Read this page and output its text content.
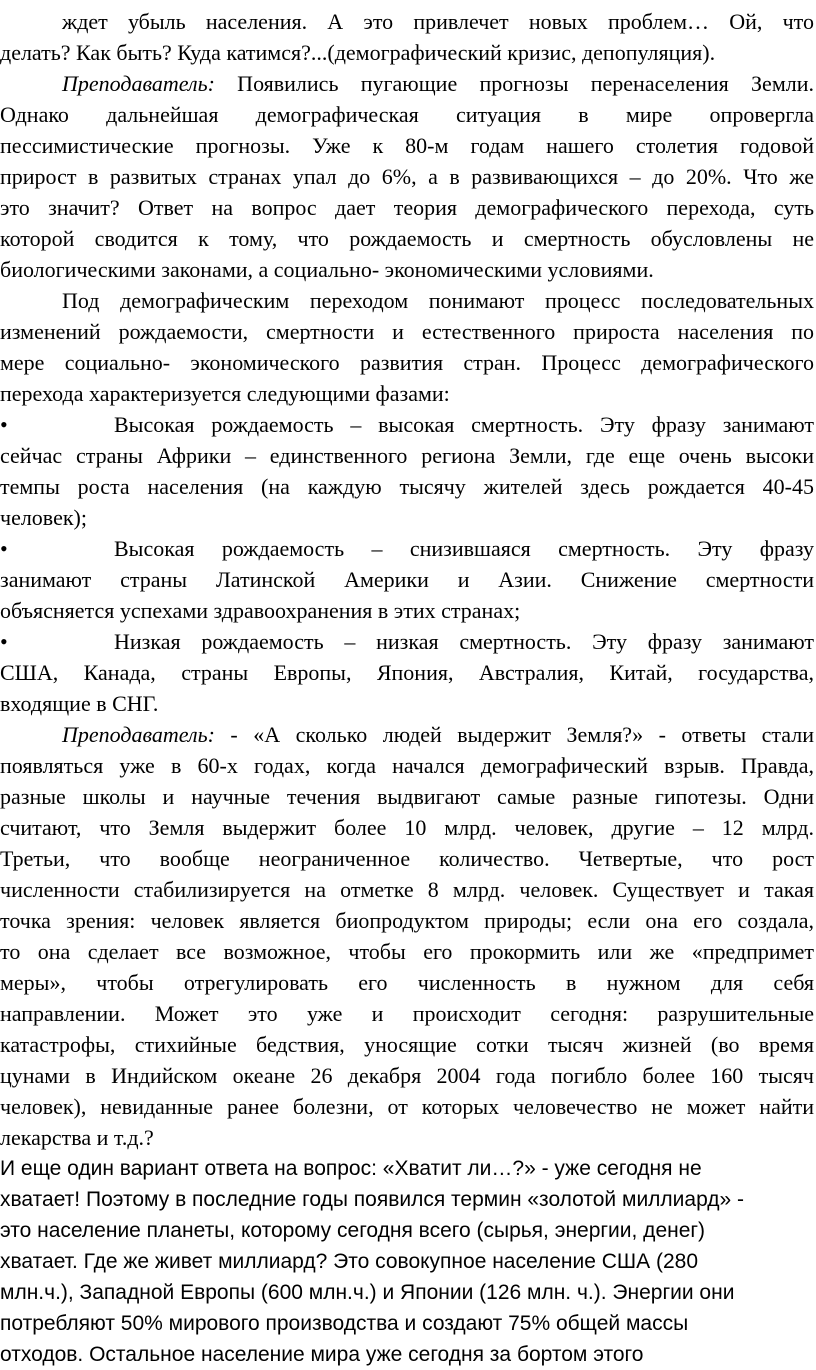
ждет убыль населения. А это привлечет новых проблем… Ой, что
делать? Как быть? Куда катимся?...(демографический кризис, депопуляция).
Преподаватель: Появились пугающие прогнозы перенаселения Земли.
Однако дальнейшая демографическая ситуация в мире опровергла
пессимистические прогнозы. Уже к 80-м годам нашего столетия годовой
прирост в развитых странах упал до 6%, а в развивающихся – до 20%. Что же
это значит? Ответ на вопрос дает теория демографического перехода, суть
которой сводится к тому, что рождаемость и смертность обусловлены не
биологическими законами, а социально- экономическими условиями.
Под демографическим переходом понимают процесс последовательных
изменений рождаемости, смертности и естественного прироста населения по
мере социально- экономического развития стран. Процесс демографического
перехода характеризуется следующими фазами:
•	Высокая рождаемость – высокая смертность. Эту фразу занимают
сейчас страны Африки – единственного региона Земли, где еще очень высоки
темпы роста населения (на каждую тысячу жителей здесь рождается 40-45
человек);
•	Высокая рождаемость – снизившаяся смертность. Эту фразу
занимают страны Латинской Америки и Азии. Снижение смертности
объясняется успехами здравоохранения в этих странах;
•	Низкая рождаемость – низкая смертность. Эту фразу занимают
США, Канада, страны Европы, Япония, Австралия, Китай, государства,
входящие в СНГ.
Преподаватель: - «А сколько людей выдержит Земля?» - ответы стали
появляться уже в 60-х годах, когда начался демографический взрыв. Правда,
разные школы и научные течения выдвигают самые разные гипотезы. Одни
считают, что Земля выдержит более 10 млрд. человек, другие – 12 млрд.
Третьи, что вообще неограниченное количество. Четвертые, что рост
численности стабилизируется на отметке 8 млрд. человек. Существует и такая
точка зрения: человек является биопродуктом природы; если она его создала,
то она сделает все возможное, чтобы его прокормить или же «предпримет
меры», чтобы отрегулировать его численность в нужном для себя
направлении. Может это уже и происходит сегодня: разрушительные
катастрофы, стихийные бедствия, уносящие сотки тысяч жизней (во время
цунами в Индийском океане 26 декабря 2004 года погибло более 160 тысяч
человек), невиданные ранее болезни, от которых человечество не может найти
лекарства и т.д.?
И еще один вариант ответа на вопрос: «Хватит ли…?» - уже сегодня не
хватает! Поэтому в последние годы появился термин «золотой миллиард» -
это население планеты, которому сегодня всего (сырья, энергии, денег)
хватает. Где же живет миллиард? Это совокупное население США (280
млн.ч.), Западной Европы (600 млн.ч.) и Японии (126 млн. ч.). Энергии они
потребляют 50% мирового производства и создают 75% общей массы
отходов. Остальное население мира уже сегодня за бортом этого
